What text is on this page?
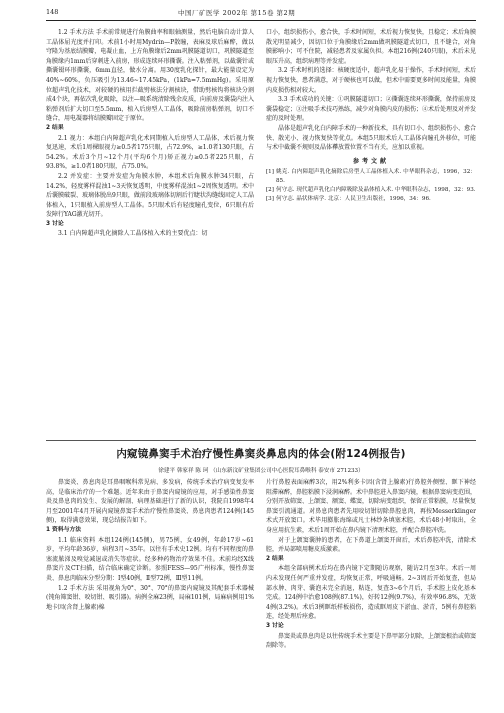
148	中国厂矿医学 2002年 第15卷 第2期

1.2 手术方法 手术前常规进行角膜曲率和眼轴测量，然后电脑自动计算人工晶体屈光度并打印。术前1小时用Mydrin—P散瞳，表麻及球后麻醉，做以穹隆为基底结膜瓣，电凝止血，上方角膜缘后2mm巩膜隧道切口，巩膜隧道至角膜缘内1mm后穿刺进入前房，形成连续环形撕囊。注入粘弹剂，以截囊针或撕囊镊环形撕囊，6mm直径，做水分离。用30度乳化探针，最大能量设定为40%~60%，负压吸引为13.46~17.45kPa，(1kPa=7.5mmHg)。采用原位超声乳化技术，对较硬的核用拦截劈核法分割核块，借助劈核钩将核块分割成4个块，再依次乳化吸除，以注—吸系统清除残余皮质，向前房及囊袋内注入粘弹剂后扩大切口至5.5mm，植入后房型人工晶体，吸除前房粘弹剂，切口不缝合，用电凝器将结膜瓣固定于原位。

2 结果

2.1 视力：本组白内障超声乳化术同期植入后房型人工晶体，术后视力恢复迅速，术后1周裸眼视力≥0.5者175只眼，占72.9%，≥1.0者130只眼，占54.2%。术后3个月~12个月(平均6个月)矫正视力≥0.5者225只眼，占93.8%，≥1.0者180只眼，占75.0%。

2.2 并发症：主要并发症为角膜水肿，本组术后角膜水肿34只眼，占14.2%，轻度雾样混浊1~3天恢复透明，中度雾样混浊1~2周恢复透明。术中后囊膜破裂、玻璃体脱出9只眼，做前段玻璃体切割后行睫状沟缝线固定人工晶体植入，1只眼植入前房型人工晶体。5只眼术后有轻度瞳孔变位，6只眼有后发障行YAG激光切开。

3 讨论

3.1 白内障超声乳化摘除人工晶体植入术的主要优点：切

口小，组织损伤小，愈合快，手术时间短，术后视力恢复快，且稳定；术后角膜散光明显减少，因切口位于角膜缘后2mm做巩膜隧道式切口，且不缝合，对角膜影响小；可不住院，减轻患者及家属负担。本组216例(240只眼)，术后未见眼压升高，组织病理等并发症。

3.2 手术时机的选择：核硬度适中，超声乳化易于操作，手术时间短，术后视力恢复快，患者满意，对于硬核也可以做，但术中需要更多时间及能量，角膜内皮损伤相对较大。

3.3 手术成功的关键：①巩膜隧道切口；②撕囊连续环形撕囊，保持前房及囊袋稳定；③注吸手术技巧熟练，减少对角膜内皮的损伤；④术后处理及对并发症的及时处理。

晶体是超声乳化白内障手术的一种新技术，具有切口小、组织损伤小、愈合快、散光小、视力恢复快等优点。本组5只眼术后人工晶体向瞳孔外移位，可能与术中截囊不规则及晶体襻放置位置不当有关，应加以重视。

参考文献

[1] 姚克. 白内障超声乳化摘除后房型人工晶体植入术. 中华眼科杂志，1996，32：85.

[2] 何守志. 现代超声乳化白内障吸除及晶体植入术. 中华眼科杂志，1998，32：93.

[3] 何守志. 晶状体病学. 北京：人民卫生出版社，1996，34：96.

内窥镜鼻窦手术治疗慢性鼻窦炎鼻息肉的体会(附124例报告)
徐建平 韩家祥 陈 珂 （山东新汶矿业集团公司中心医院耳鼻喉科 泰安市 271233）

鼻窦炎、鼻息肉是耳鼻咽喉科常见病、多发病，传统手术治疗病变复发率高，是临床治疗的一个难题。近年来由于鼻窦内窥镜的应用，对手感染性鼻窦炎及鼻息肉的发生、发展的解剖、病理基础进行了新的认识，我院自1998年4月至2001年4月开展内窥镜鼻窦手术治疗慢性鼻窦炎、鼻息肉患者124例(145侧)，取得满意效果，现总结报告如下。

1 资料与方法

1.1 临床资料 本组124例(145侧)，男75例，女49例，年龄17岁~61岁，平均年龄36岁，病程3月~35年。以往有手术史12例。均有不同程度的鼻塞流脓涕及嗅觉减退或消失等症状。经多种药物治疗效果不佳。术前均经X线鼻窦片及CT扫描，结合临床确定诊断。参照FESS—95广州标准，慢性鼻窦炎、鼻息肉临床分型分期：Ⅰ型40例，Ⅱ型72例，Ⅲ型11例。

1.2 手术方法 采用视角为0°、30°、70°的鼻窦内窥镜及其配套手术器械(钝角筛窦钳、咬切钳、吸引器)。病例全麻23例，局麻101例，局麻病例用1%地卡因(含肾上腺素)棉

片行鼻腔表面麻醉3次，用2%利多卡因(含肾上腺素)行鼻腔外侧壁、眶下神经阻滞麻醉，鼻腔粘膜下浸润麻醉。术中鼻腔进入鼻窦内镜，根据鼻窦病变范围，分别开放筛窦、上颌窦、额窦、蝶窦，切除病变组织，保留正常粘膜，尽量恢复鼻窦引流通道。对鼻息肉患者先用咬切钳切除鼻腔息肉，再按Messerklinger术式开放窦口。术毕用膨胀海绵或凡士林纱条填塞术腔，术后48小时取出，全身应用抗生素，术后1周开始在鼻内镜下清理术腔，并配合鼻腔冲洗。

对于上颌窦囊肿的患者，在下鼻道上颌窦开窗后，术后鼻腔冲洗，清除术腔，并局部喷用糖皮质激素。

2 结果

本组全部病例术后均在鼻内镜下定期随访观察，随访2月至3年。术后一周内未发现任何严重并发症，均恢复正常，呼吸通畅。2~3周后开始复查，但局部水肿、肉芽、囊泡未完全消退，粘连，复查3~6个月后，手术腔上皮化基本完成。124例中治愈108例(87.1%)，好转12例(9.7%)，有效率96.8%，无效4例(3.2%)。术后3例眶纸样板损伤，造成眶周皮下淤血、淤青，5例有鼻腔粘连，经处理后痊愈。

3 讨论

鼻窦炎或鼻息肉是以往传统手术主要是下鼻甲部分切除，上颌窦根治或筛窦刮除等。
